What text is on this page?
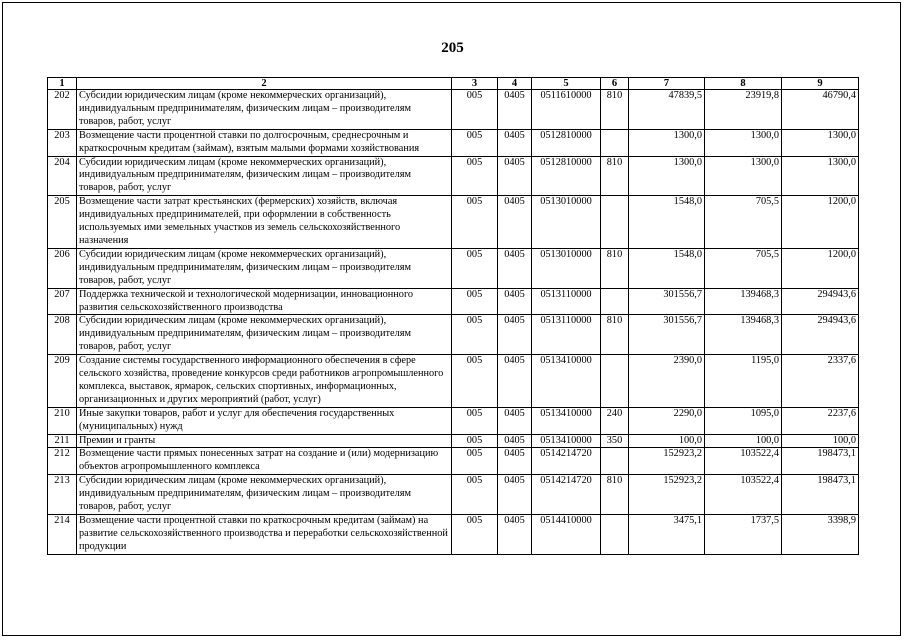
205
1	2	3	4	5	6	7	8	9
202	Субсидии юридическим лицам (кроме некоммерческих организаций), индивидуальным предпринимателям, физическим лицам – производителям товаров, работ, услуг	005	0405	0511610000	810	47839,5	23919,8	46790,4
203	Возмещение части процентной ставки по долгосрочным, среднесрочным и краткосрочным кредитам (займам), взятым малыми формами хозяйствования	005	0405	0512810000		1300,0	1300,0	1300,0
204	Субсидии юридическим лицам (кроме некоммерческих организаций), индивидуальным предпринимателям, физическим лицам – производителям товаров, работ, услуг	005	0405	0512810000	810	1300,0	1300,0	1300,0
205	Возмещение части затрат крестьянских (фермерских) хозяйств, включая индивидуальных предпринимателей, при оформлении в собственность используемых ими земельных участков из земель сельскохозяйственного назначения	005	0405	0513010000		1548,0	705,5	1200,0
206	Субсидии юридическим лицам (кроме некоммерческих организаций), индивидуальным предпринимателям, физическим лицам – производителям товаров, работ, услуг	005	0405	0513010000	810	1548,0	705,5	1200,0
207	Поддержка технической и технологической модернизации, инновационного развития сельскохозяйственного производства	005	0405	0513110000		301556,7	139468,3	294943,6
208	Субсидии юридическим лицам (кроме некоммерческих организаций), индивидуальным предпринимателям, физическим лицам – производителям товаров, работ, услуг	005	0405	0513110000	810	301556,7	139468,3	294943,6
209	Создание системы государственного информационного обеспечения в сфере сельского хозяйства, проведение конкурсов среди работников агропромышленного комплекса, выставок, ярмарок, сельских спортивных, информационных, организационных и других мероприятий (работ, услуг)	005	0405	0513410000		2390,0	1195,0	2337,6
210	Иные закупки товаров, работ и услуг для обеспечения государственных (муниципальных) нужд	005	0405	0513410000	240	2290,0	1095,0	2237,6
211	Премии и гранты	005	0405	0513410000	350	100,0	100,0	100,0
212	Возмещение части прямых понесенных затрат на создание и (или) модернизацию объектов агропромышленного комплекса	005	0405	0514214720		152923,2	103522,4	198473,1
213	Субсидии юридическим лицам (кроме некоммерческих организаций), индивидуальным предпринимателям, физическим лицам – производителям товаров, работ, услуг	005	0405	0514214720	810	152923,2	103522,4	198473,1
214	Возмещение части процентной ставки по краткосрочным кредитам (займам) на развитие сельскохозяйственного производства и переработки сельскохозяйственной продукции	005	0405	0514410000		3475,1	1737,5	3398,9
